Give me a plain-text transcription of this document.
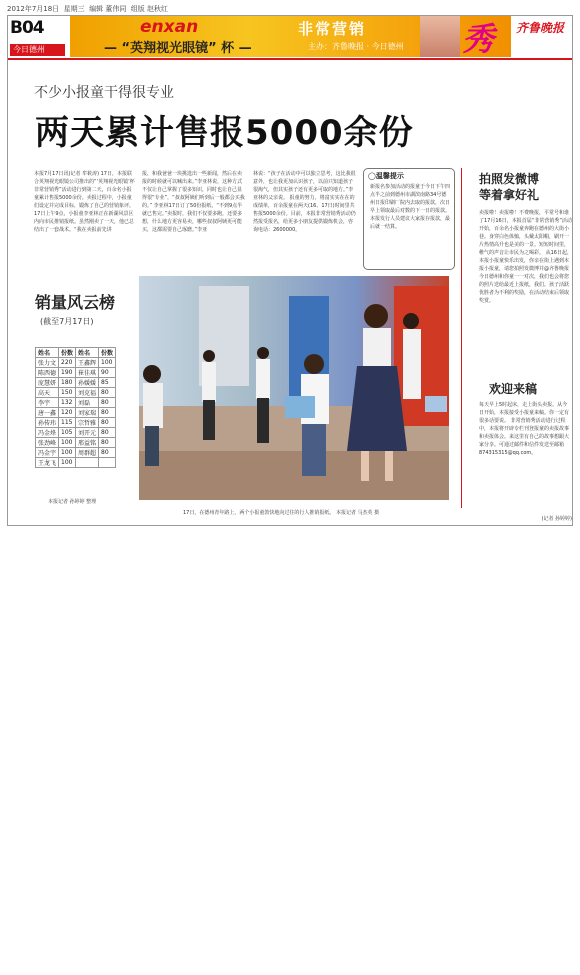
2012年7月18日 星期三 编辑 董伟同 组版 赵秋红
B04
今日德州
enxan	非常营销
— “英翔视光眼镜” 杯 —	主办：齐鲁晚报 · 今日德州 秀 齐鲁晚报
不少小报童干得很专业
两天累计售报5000余份
本报7月17日讯(记者 牟筱涛) 17日，本报联合英翔视光眼镜公司推出的“‘英翔视光眼镜’杯非常营销秀”活动进行到第二天，百余名小报童累计售报5000余份。卖报过程中，小报童们设定并完成目标，锻炼了自己的营销象评。 17日上午9点，小报童李亚林正在新湖风景区内向市民推销报纸。虽然刚卖了一天，他已总结出了一套战术。“我在卖报前先讲
报，和我爸爸一块挑选出一些新闻，然后在卖报的时候就可以喊出来。”李亚林说，这种方式不仅让自己掌握了很多知识，同时也让自己显得很“专业”，“叔叔阿姨们听到后一般都会买我的。” 李亚林17日订了50份报纸，“不到9点半就已售完。”卖报时，我们不仅要多跑，还要多想，什么地方更容易卖，哪些叔叔阿姨更可能买，这都需要自己琢磨。”李亚
林说：“孩子在活动中可以独立思考，这比我很意外，也让我更加认识孩子，以前只知道孩子很淘气，但其实孩子还有更多可取的地方。”李亚林的父亲说。 报童的努力，将富实实在在的成绩单，百余报童在两天(16、17日)时间里共售报5000余份。目前，本报非常营销秀活动仍然报受报名，给更多小朋友提供锻炼机会，咨询电话：2600000。
◯温馨提示
新报名参加活动的报童于今日下午四点半之前到德州市湖滨南路34号德州日报印刷厂院内去取的报款，次日早上领取最后对数的下一日的报款。本报发行人员建议大家报存报款，最后就一结算。
销量风云榜
(截至7月17日)
姓名	份数	姓名	份数
张力文	220	王鑫辉	100
陈西德	190	崔佳琪	90
庞慧妍	180	孙媛媛	85
高天	150	刘克福	80
李宇	132	刘磊	80
唐一鑫	120	刘家瑞	80
孙传玮	115	宗哲雅	80
冯金烽	105	刘开元	80
张劲峰	100	邢益铭	80
冯金宇	100	周群超	80
王龙飞	100		
本报记者 孙婷婷 整理
17日，在德州青年路上，两个小报童敦快地向过往的行人推销报纸。 本报记者 马杰英 摄
拍照发微博
等着拿好礼
卖报啦！卖报啦！不费晚报，平常号和谁了17月16日，本报首届“非常营销秀”活动开始，百余名小报童奔跑在德州的大街小巷。身穿白色体恤，头戴太阳帽，刷开一片热情高升也是美的一景。短短时间里，稚气的声音让市民为之喝彩。 从16日起，本报小报童快乐出发，你亲在街上遇到本报小报童，请您拍照发微博并@齐鲁晚报今日德州和你童一一对次，我们也会将您的照片送给最近上报纸，我们。孩子活跃优胜者为不利的奖励，在活动结束后领取奖赏。
欢迎来稿
每天早上5时起床，走上街头卖报。从今日开始，本报接受小报童来稿。你一定有很多话要说。 非常营销秀活动进行过程中，本报将开辟专栏刊登报童的卖报故事和卖报体会。来这里有自己的故事想跟大家分享。可通过邮件和信件发送至邮箱874315315@qq.com。
(记者 孙婷婷)
